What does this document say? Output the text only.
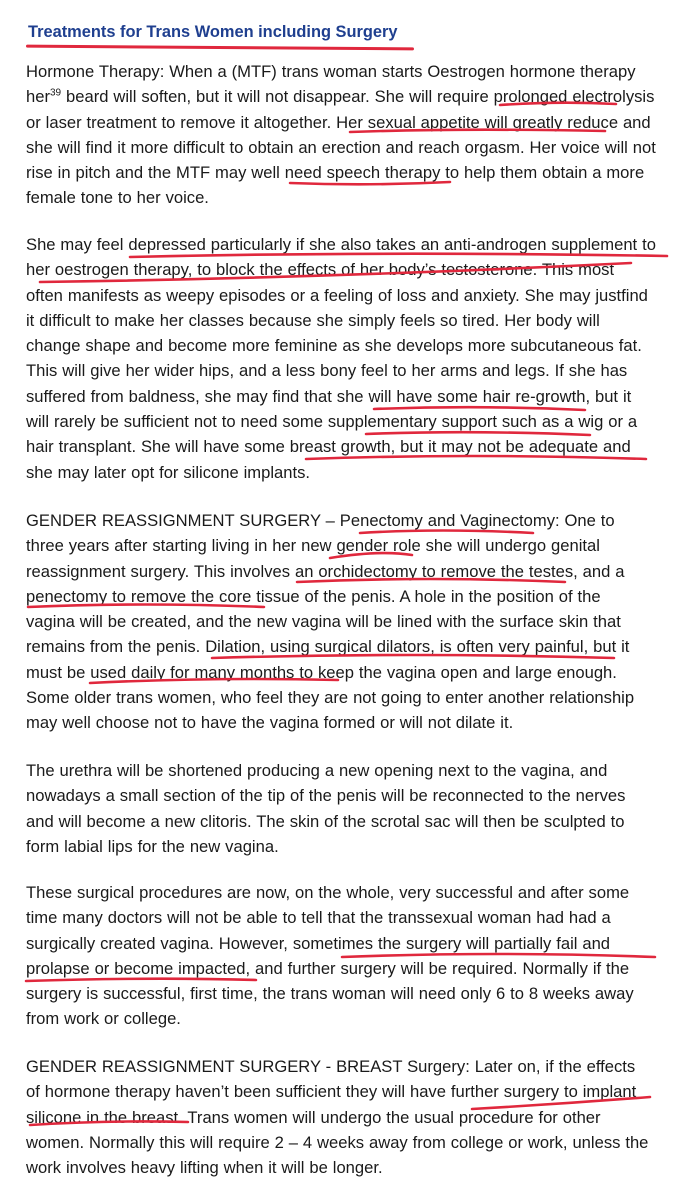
Treatments for Trans Women including Surgery
Hormone Therapy: When a (MTF) trans woman starts Oestrogen hormone therapy
her$^{39}$ beard will soften, but it will not disappear. She will require prolonged electrolysis
or laser treatment to remove it altogether. Her sexual appetite will greatly reduce and
she will find it more difficult to obtain an erection and reach orgasm. Her voice will not
rise in pitch and the MTF may well need speech therapy to help them obtain a more
female tone to her voice.
She may feel depressed particularly if she also takes an anti-androgen supplement to
her oestrogen therapy, to block the effects of her body’s testosterone. This most
often manifests as weepy episodes or a feeling of loss and anxiety. She may justfind
it difficult to make her classes because she simply feels so tired. Her body will
change shape and become more feminine as she develops more subcutaneous fat.
This will give her wider hips, and a less bony feel to her arms and legs. If she has
suffered from baldness, she may find that she will have some hair re-growth, but it
will rarely be sufficient not to need some supplementary support such as a wig or a
hair transplant. She will have some breast growth, but it may not be adequate and
she may later opt for silicone implants.
GENDER REASSIGNMENT SURGERY – Penectomy and Vaginectomy: One to
three years after starting living in her new gender role she will undergo genital
reassignment surgery. This involves an orchidectomy to remove the testes, and a
penectomy to remove the core tissue of the penis. A hole in the position of the
vagina will be created, and the new vagina will be lined with the surface skin that
remains from the penis. Dilation, using surgical dilators, is often very painful, but it
must be used daily for many months to keep the vagina open and large enough.
Some older trans women, who feel they are not going to enter another relationship
may well choose not to have the vagina formed or will not dilate it.
The urethra will be shortened producing a new opening next to the vagina, and
nowadays a small section of the tip of the penis will be reconnected to the nerves
and will become a new clitoris. The skin of the scrotal sac will then be sculpted to
form labial lips for the new vagina.
These surgical procedures are now, on the whole, very successful and after some
time many doctors will not be able to tell that the transsexual woman had had a
surgically created vagina. However, sometimes the surgery will partially fail and
prolapse or become impacted, and further surgery will be required. Normally if the
surgery is successful, first time, the trans woman will need only 6 to 8 weeks away
from work or college.
GENDER REASSIGNMENT SURGERY - BREAST Surgery: Later on, if the effects
of hormone therapy haven’t been sufficient they will have further surgery to implant
silicone in the breast. Trans women will undergo the usual procedure for other
women. Normally this will require 2 – 4 weeks away from college or work, unless the
work involves heavy lifting when it will be longer.
